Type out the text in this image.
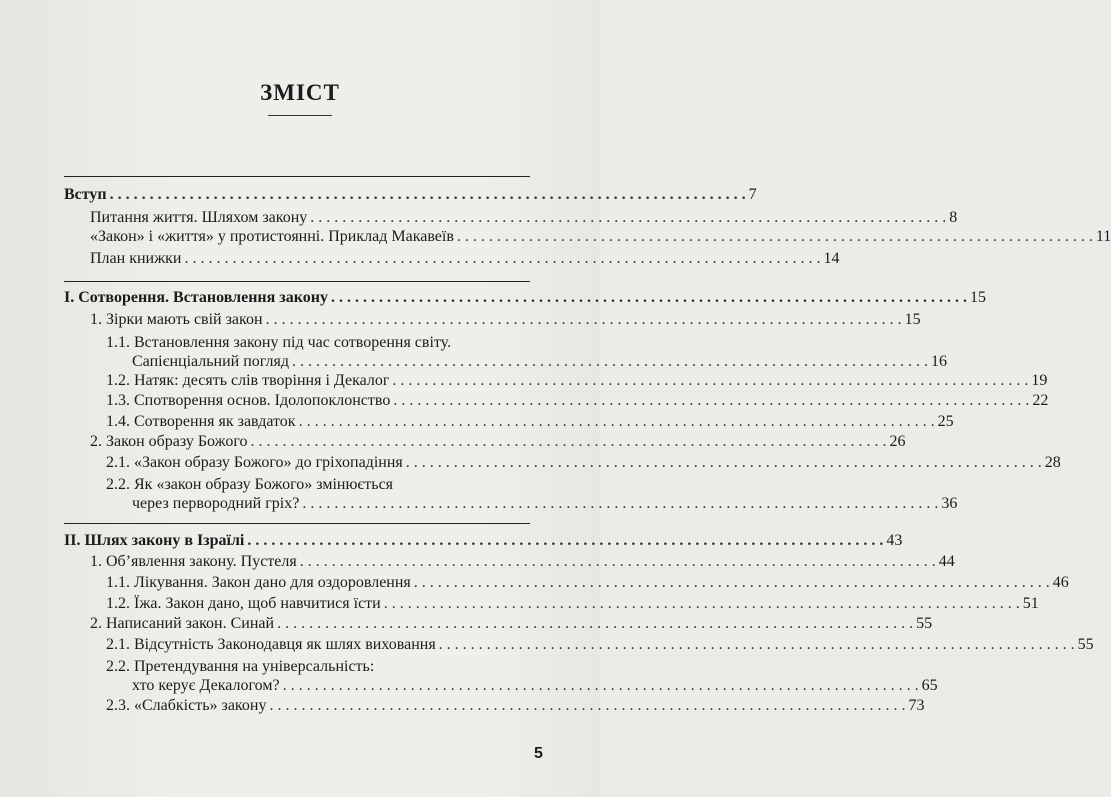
ЗМІСТ
Вступ . . .	7
Питання життя. Шляхом закону . . .	8
«Закон» і «життя» у протистоянні. Приклад Макавеїв . . .	11
План книжки . . .	14
I. Сотворення. Встановлення закону . . .	15
1. Зірки мають свій закон . . .	15
1.1. Встановлення закону під час сотворення світу.
Сапієнціальний погляд . . .	16
1.2. Натяк: десять слів творіння і Декалог . . .	19
1.3. Спотворення основ. Ідолопоклонство . . .	22
1.4. Сотворення як завдаток . . .	25
2. Закон образу Божого . . .	26
2.1. «Закон образу Божого» до гріхопадіння . . .	28
2.2. Як «закон образу Божого» змінюється
через первородний гріх? . . .	36
II. Шлях закону в Ізраїлі . . .	43
1. Об’явлення закону. Пустеля . . .	44
1.1. Лікування. Закон дано для оздоровлення . . .	46
1.2. Їжа. Закон дано, щоб навчитися їсти . . .	51
2. Написаний закон. Синай . . .	55
2.1. Відсутність Законодавця як шлях виховання . . .	55
2.2. Претендування на універсальність:
хто керує Декалогом? . . .	65
2.3. «Слабкість» закону . . .	73
5
